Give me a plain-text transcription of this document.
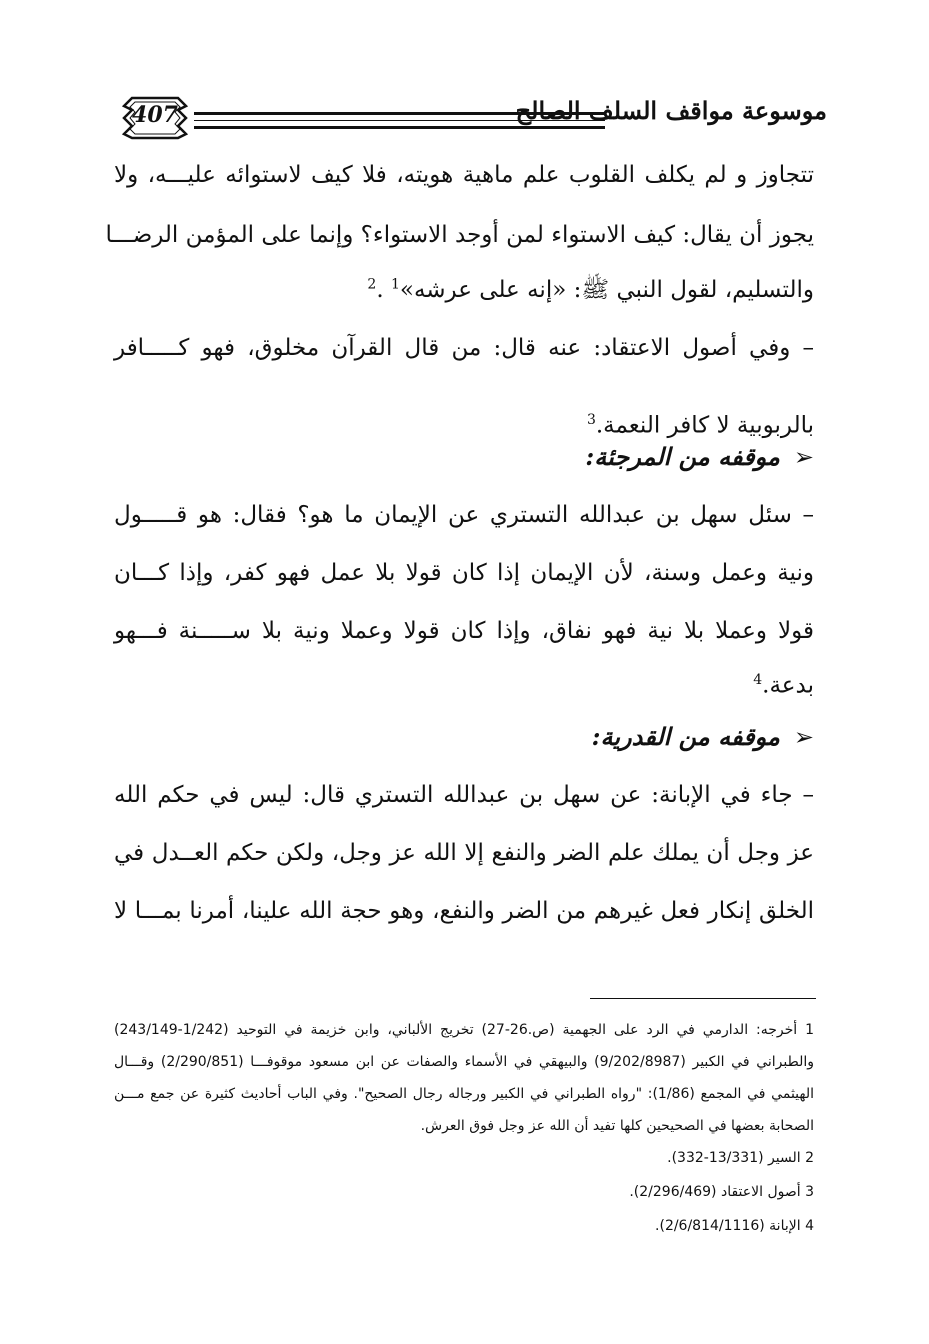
407	موسوعة مواقف السلف الصالح
تتجاوز و لم يكلف القلوب علم ماهية هويته، فلا كيف لاستوائه عليـــه، ولا
يجوز أن يقال: كيف الاستواء لمن أوجد الاستواء؟ وإنما على المؤمن الرضـــا
والتسليم، لقول النبي ﷺ: «إنه على عرشه»$^1$ .$^2$
– وفي أصول الاعتقاد: عنه قال: من قال القرآن مخلوق، فهو كـــــافر
بالربوبية لا كافر النعمة.$^3$
➢موقفه من المرجئة:
– سئل سهل بن عبدالله التستري عن الإيمان ما هو؟ فقال: هو قـــــول
ونية وعمل وسنة، لأن الإيمان إذا كان قولا بلا عمل فهو كفر، وإذا كـــان
قولا وعملا بلا نية فهو نفاق، وإذا كان قولا وعملا ونية بلا ســـــنة فـــهو
بدعة.$^4$
➢موقفه من القدرية:
– جاء في الإبانة: عن سهل بن عبدالله التستري قال: ليس في حكم الله
عز وجل أن يملك علم الضر والنفع إلا الله عز وجل، ولكن حكم العــدل في
الخلق إنكار فعل غيرهم من الضر والنفع، وهو حجة الله علينا، أمرنا بمـــا لا
1 أخرجه: الدارمي في الرد على الجهمية (ص.26-27) تخريج الألباني، وابن خزيمة في التوحيد (1/242-243/149)
والطبراني في الكبير (9/202/8987) والبيهقي في الأسماء والصفات عن ابن مسعود موقوفـــا (2/290/851) وقـــال
الهيثمي في المجمع (1/86): "رواه الطبراني في الكبير ورجاله رجال الصحيح". وفي الباب أحاديث كثيرة عن جمع مـــن
الصحابة بعضها في الصحيحين كلها تفيد أن الله عز وجل فوق العرش.
2 السير (13/331-332).
3 أصول الاعتقاد (2/296/469).
4 الإبانة (2/6/814/1116).
